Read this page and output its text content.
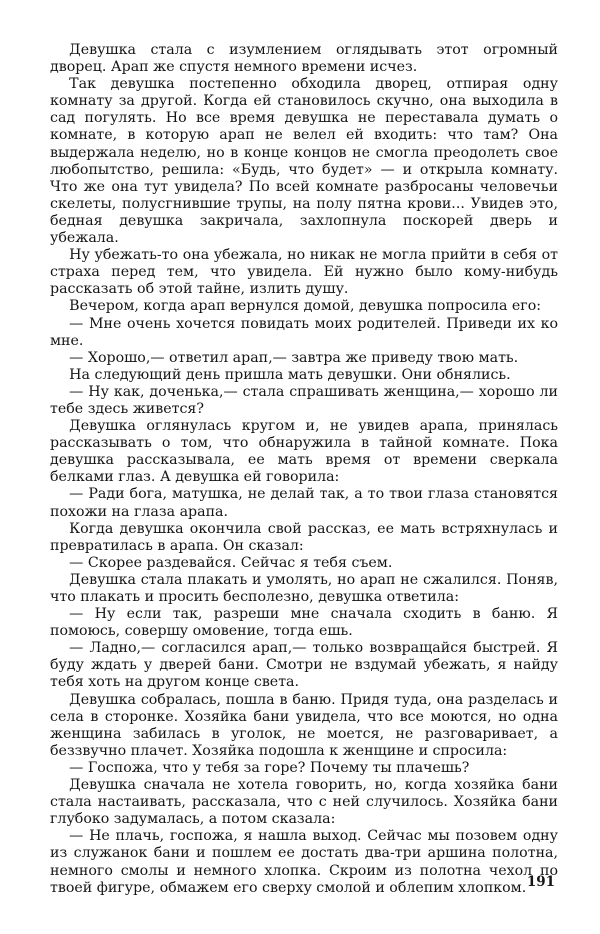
Девушка стала с изумлением оглядывать этот огромный дворец. Арап же спустя немного времени исчез.

Так девушка постепенно обходила дворец, отпирая одну комнату за другой. Когда ей становилось скучно, она выходила в сад погулять. Но все время девушка не переставала думать о комнате, в которую арап не велел ей входить: что там? Она выдержала неделю, но в конце концов не смогла преодолеть свое любопытство, решила: «Будь, что будет» — и открыла комнату. Что же она тут увидела? По всей комнате разбросаны человечьи скелеты, полусгнившие трупы, на полу пятна крови... Увидев это, бедная девушка закричала, захлопнула поскорей дверь и убежала.

Ну убежать-то она убежала, но никак не могла прийти в себя от страха перед тем, что увидела. Ей нужно было кому-нибудь рассказать об этой тайне, излить душу.

Вечером, когда арап вернулся домой, девушка попросила его:

— Мне очень хочется повидать моих родителей. Приведи их ко мне.

— Хорошо,— ответил арап,— завтра же приведу твою мать.

На следующий день пришла мать девушки. Они обнялись.

— Ну как, доченька,— стала спрашивать женщина,— хорошо ли тебе здесь живется?

Девушка оглянулась кругом и, не увидев арапа, принялась рассказывать о том, что обнаружила в тайной комнате. Пока девушка рассказывала, ее мать время от времени сверкала белками глаз. А девушка ей говорила:

— Ради бога, матушка, не делай так, а то твои глаза становятся похожи на глаза арапа.

Когда девушка окончила свой рассказ, ее мать встряхнулась и превратилась в арапа. Он сказал:

— Скорее раздевайся. Сейчас я тебя съем.

Девушка стала плакать и умолять, но арап не сжалился. Поняв, что плакать и просить бесполезно, девушка ответила:

— Ну если так, разреши мне сначала сходить в баню. Я помоюсь, совершу омовение, тогда ешь.

— Ладно,— согласился арап,— только возвращайся быстрей. Я буду ждать у дверей бани. Смотри не вздумай убежать, я найду тебя хоть на другом конце света.

Девушка собралась, пошла в баню. Придя туда, она разделась и села в сторонке. Хозяйка бани увидела, что все моются, но одна женщина забилась в уголок, не моется, не разговаривает, а беззвучно плачет. Хозяйка подошла к женщине и спросила:

— Госпожа, что у тебя за горе? Почему ты плачешь?

Девушка сначала не хотела говорить, но, когда хозяйка бани стала настаивать, рассказала, что с ней случилось. Хозяйка бани глубоко задумалась, а потом сказала:

— Не плачь, госпожа, я нашла выход. Сейчас мы позовем одну из служанок бани и пошлем ее достать два-три аршина полотна, немного смолы и немного хлопка. Скроим из полотна чехол по твоей фигуре, обмажем его сверху смолой и облепим хлопком. 191
